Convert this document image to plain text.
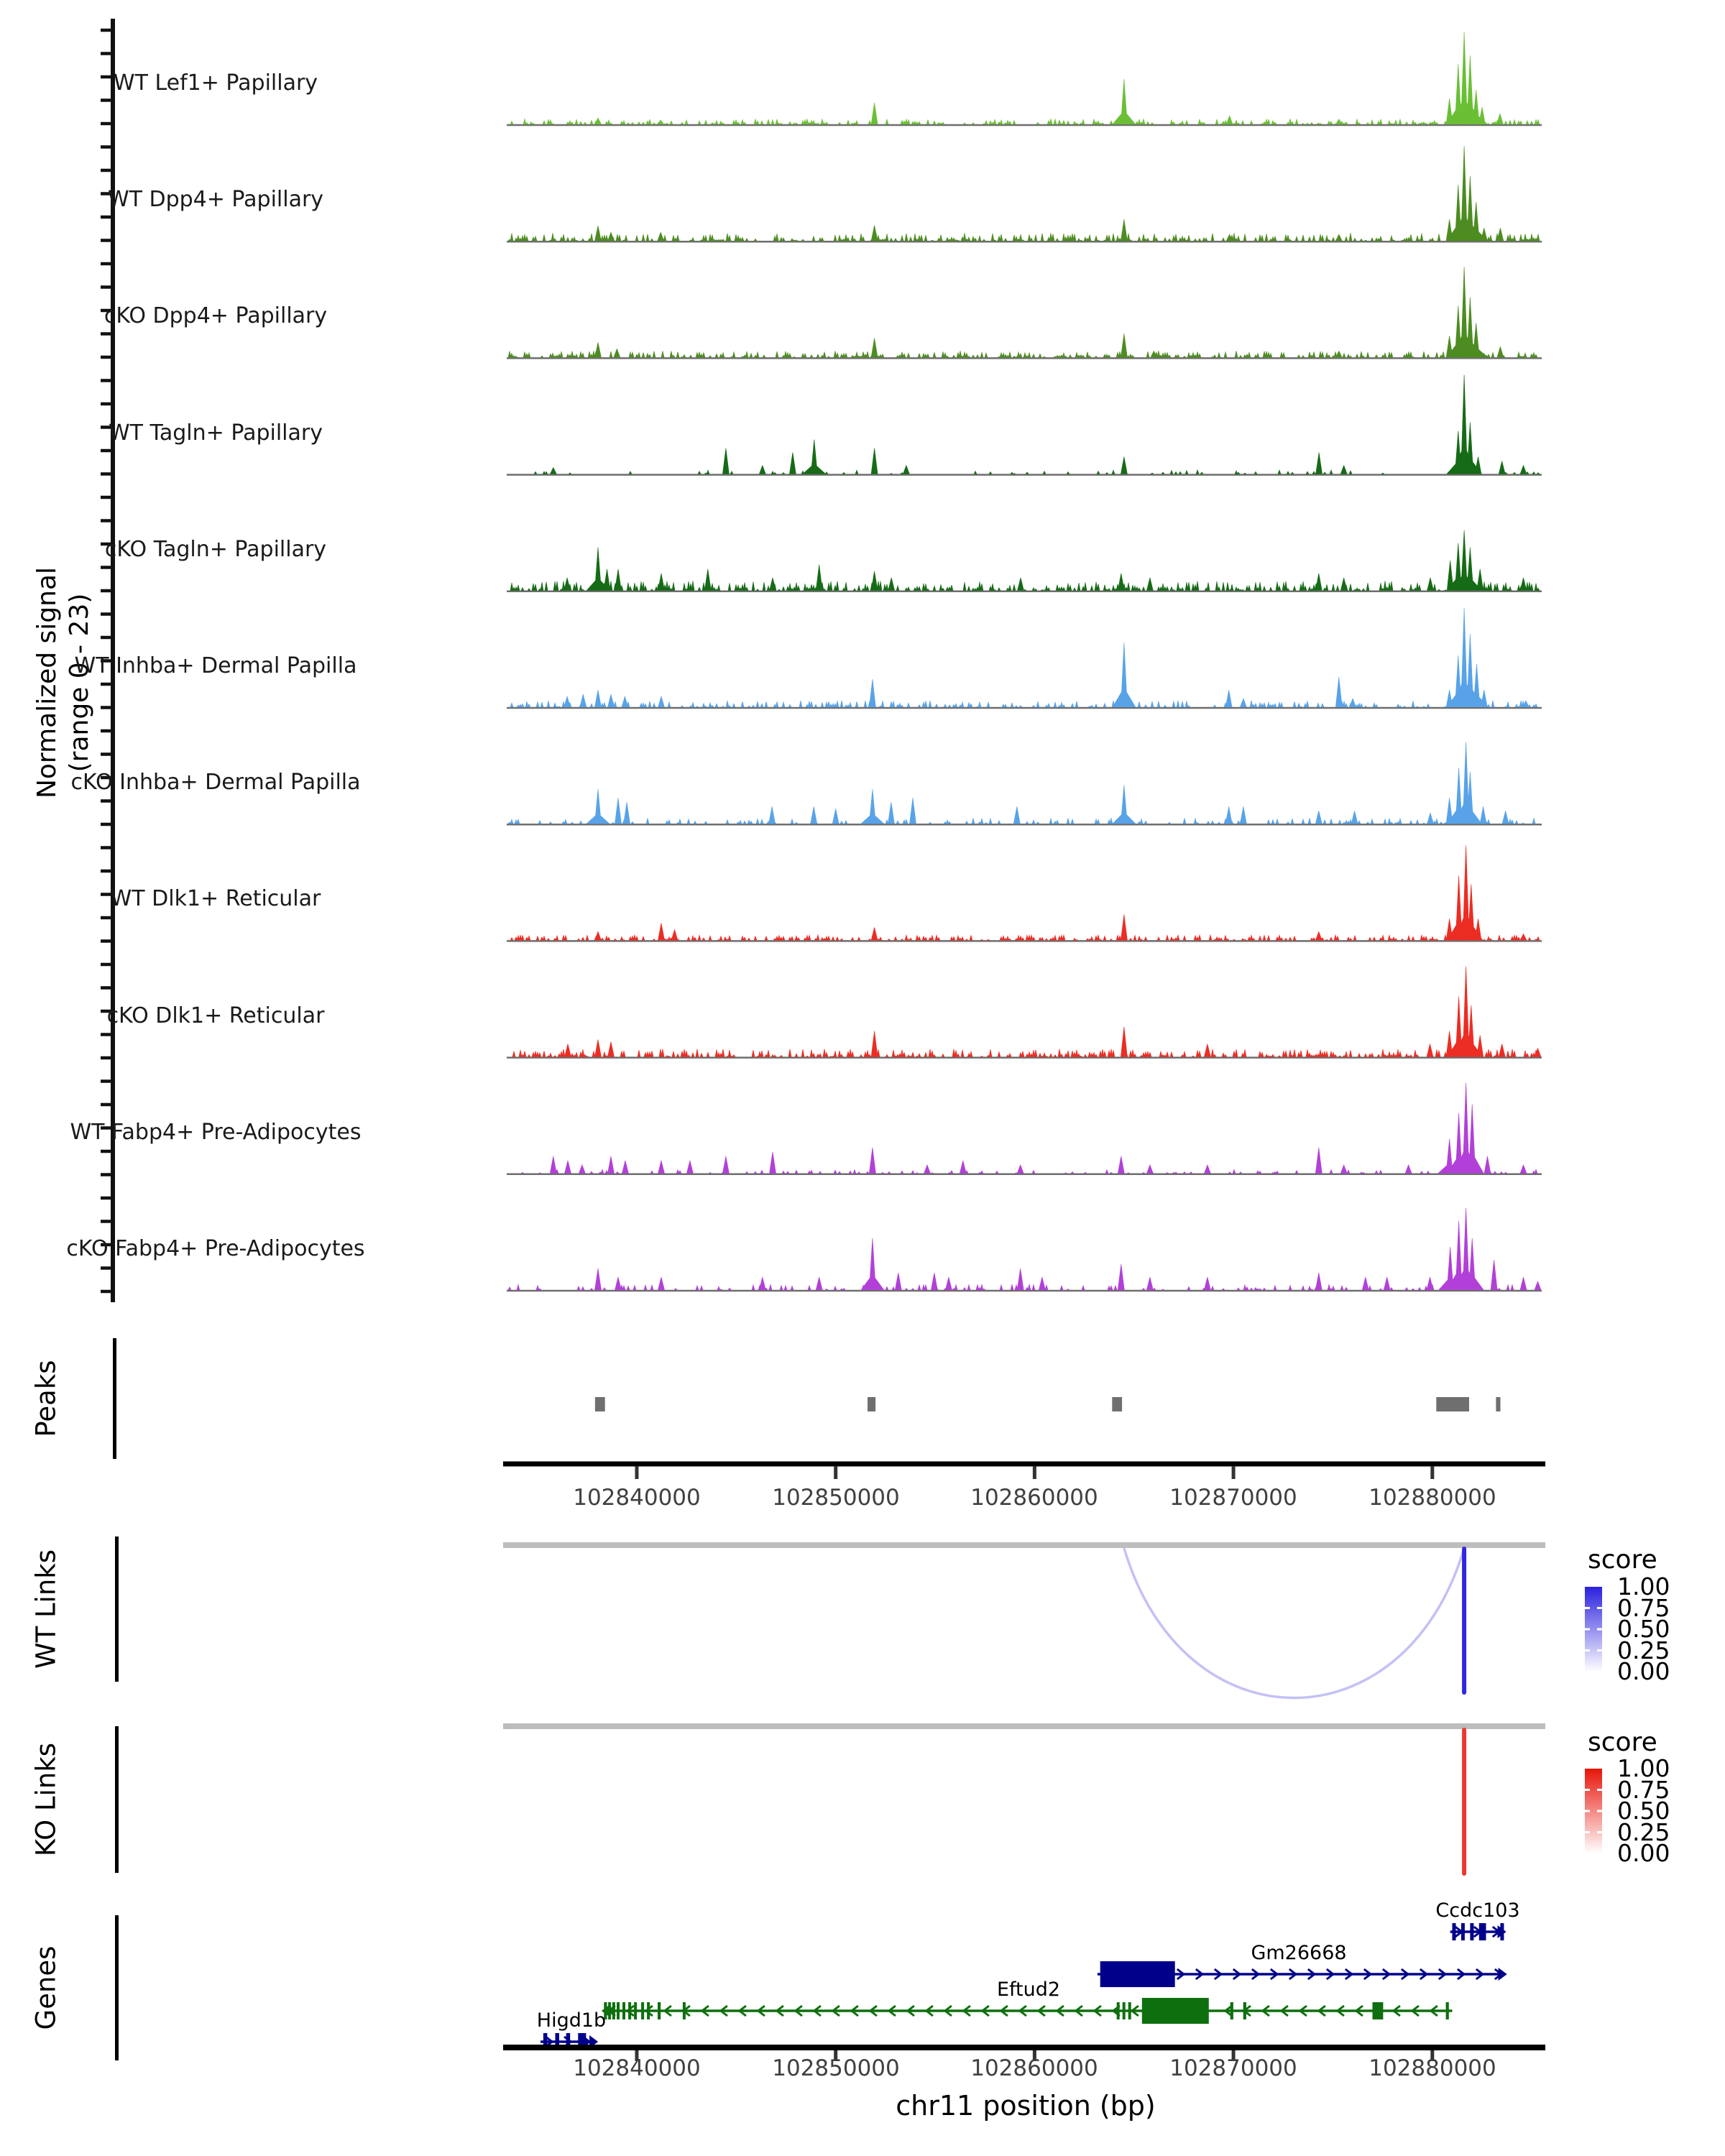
Normalized signal (range 0 - 23)
Peaks
WT Links
KO Links
Genes
score
score
chr11 position (bp)
WT Lef1+ Papillary
WT Dpp4+ Papillary
cKO Dpp4+ Papillary
WT Tagln+ Papillary
cKO Tagln+ Papillary
WT Inhba+ Dermal Papilla
cKO Inhba+ Dermal Papilla
WT Dlk1+ Reticular
cKO Dlk1+ Reticular
WT Fabp4+ Pre-Adipocytes
cKO Fabp4+ Pre-Adipocytes
102840000	102850000	102860000	102870000	102880000
102840000	102850000	102860000	102870000	102880000
1.00
0.75
0.50
0.25
0.00
1.00
0.75
0.50
0.25
0.00
Ccdc103
Gm26668
Eftud2
Higd1b
